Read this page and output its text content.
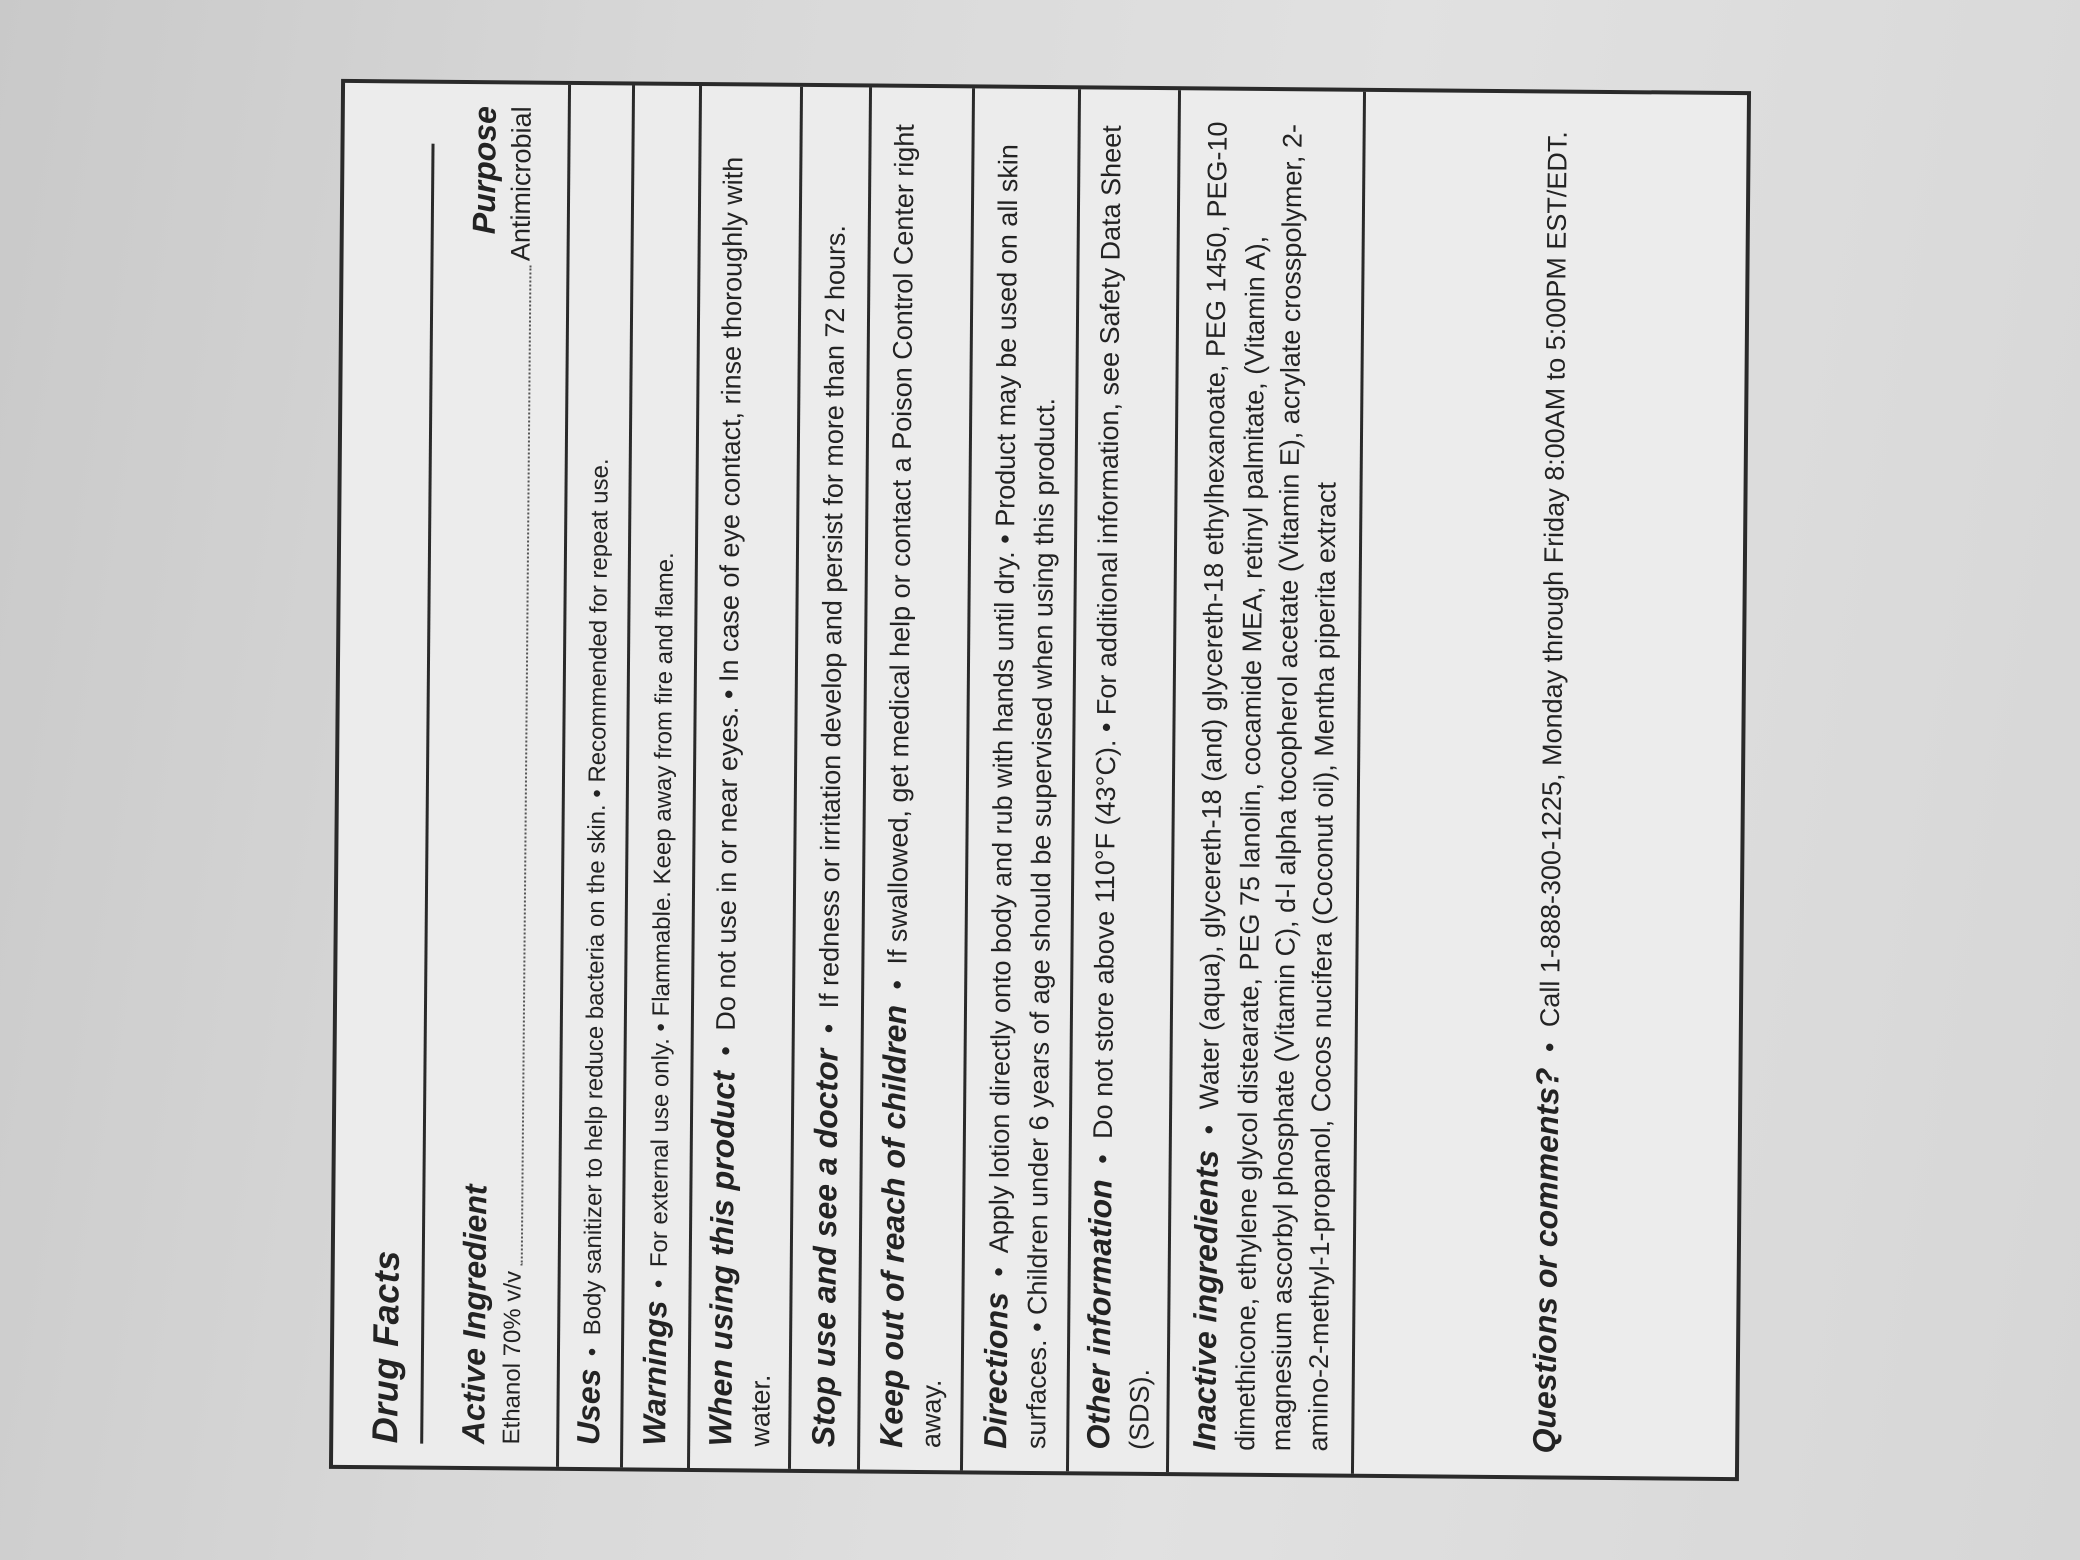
Drug Facts	Active Ingredient
Purpose
Ethanol 70% v/v
Antimicrobial
Uses • Body sanitizer to help reduce bacteria on the skin. • Recommended for repeat use.
Warnings • For external use only. • Flammable. Keep away from fire and flame. When using this product • Do not use in or near eyes. • In case of eye contact, rinse thoroughly with water. Stop use and see a doctor • If redness or irritation develop and persist for more than 72 hours.
Keep out of reach of children • If swallowed, get medical help or contact a Poison Control Center right away. Directions • Apply lotion directly onto body and rub with hands until dry. • Product may be used on all skin surfaces. • Children under 6 years of age should be supervised when using this product. Other information • Do not store above 110°F (43°C). • For additional information, see Safety Data Sheet (SDS). Inactive ingredients • Water (aqua), glycereth-18 (and) glycereth-18 ethylhexanoate, PEG 1450, PEG-10 dimethicone, ethylene glycol distearate, PEG 75 lanolin, cocamide MEA, retinyl palmitate, (Vitamin A), magnesium ascorbyl phosphate (Vitamin C), d-l alpha tocopherol acetate (Vitamin E), acrylate crosspolymer, 2-amino-2-methyl-1-propanol, Cocos nucifera (Coconut oil), Mentha piperita extract	Questions or comments? • Call 1-888-300-1225, Monday through Friday 8:00AM to 5:00PM EST/EDT.
